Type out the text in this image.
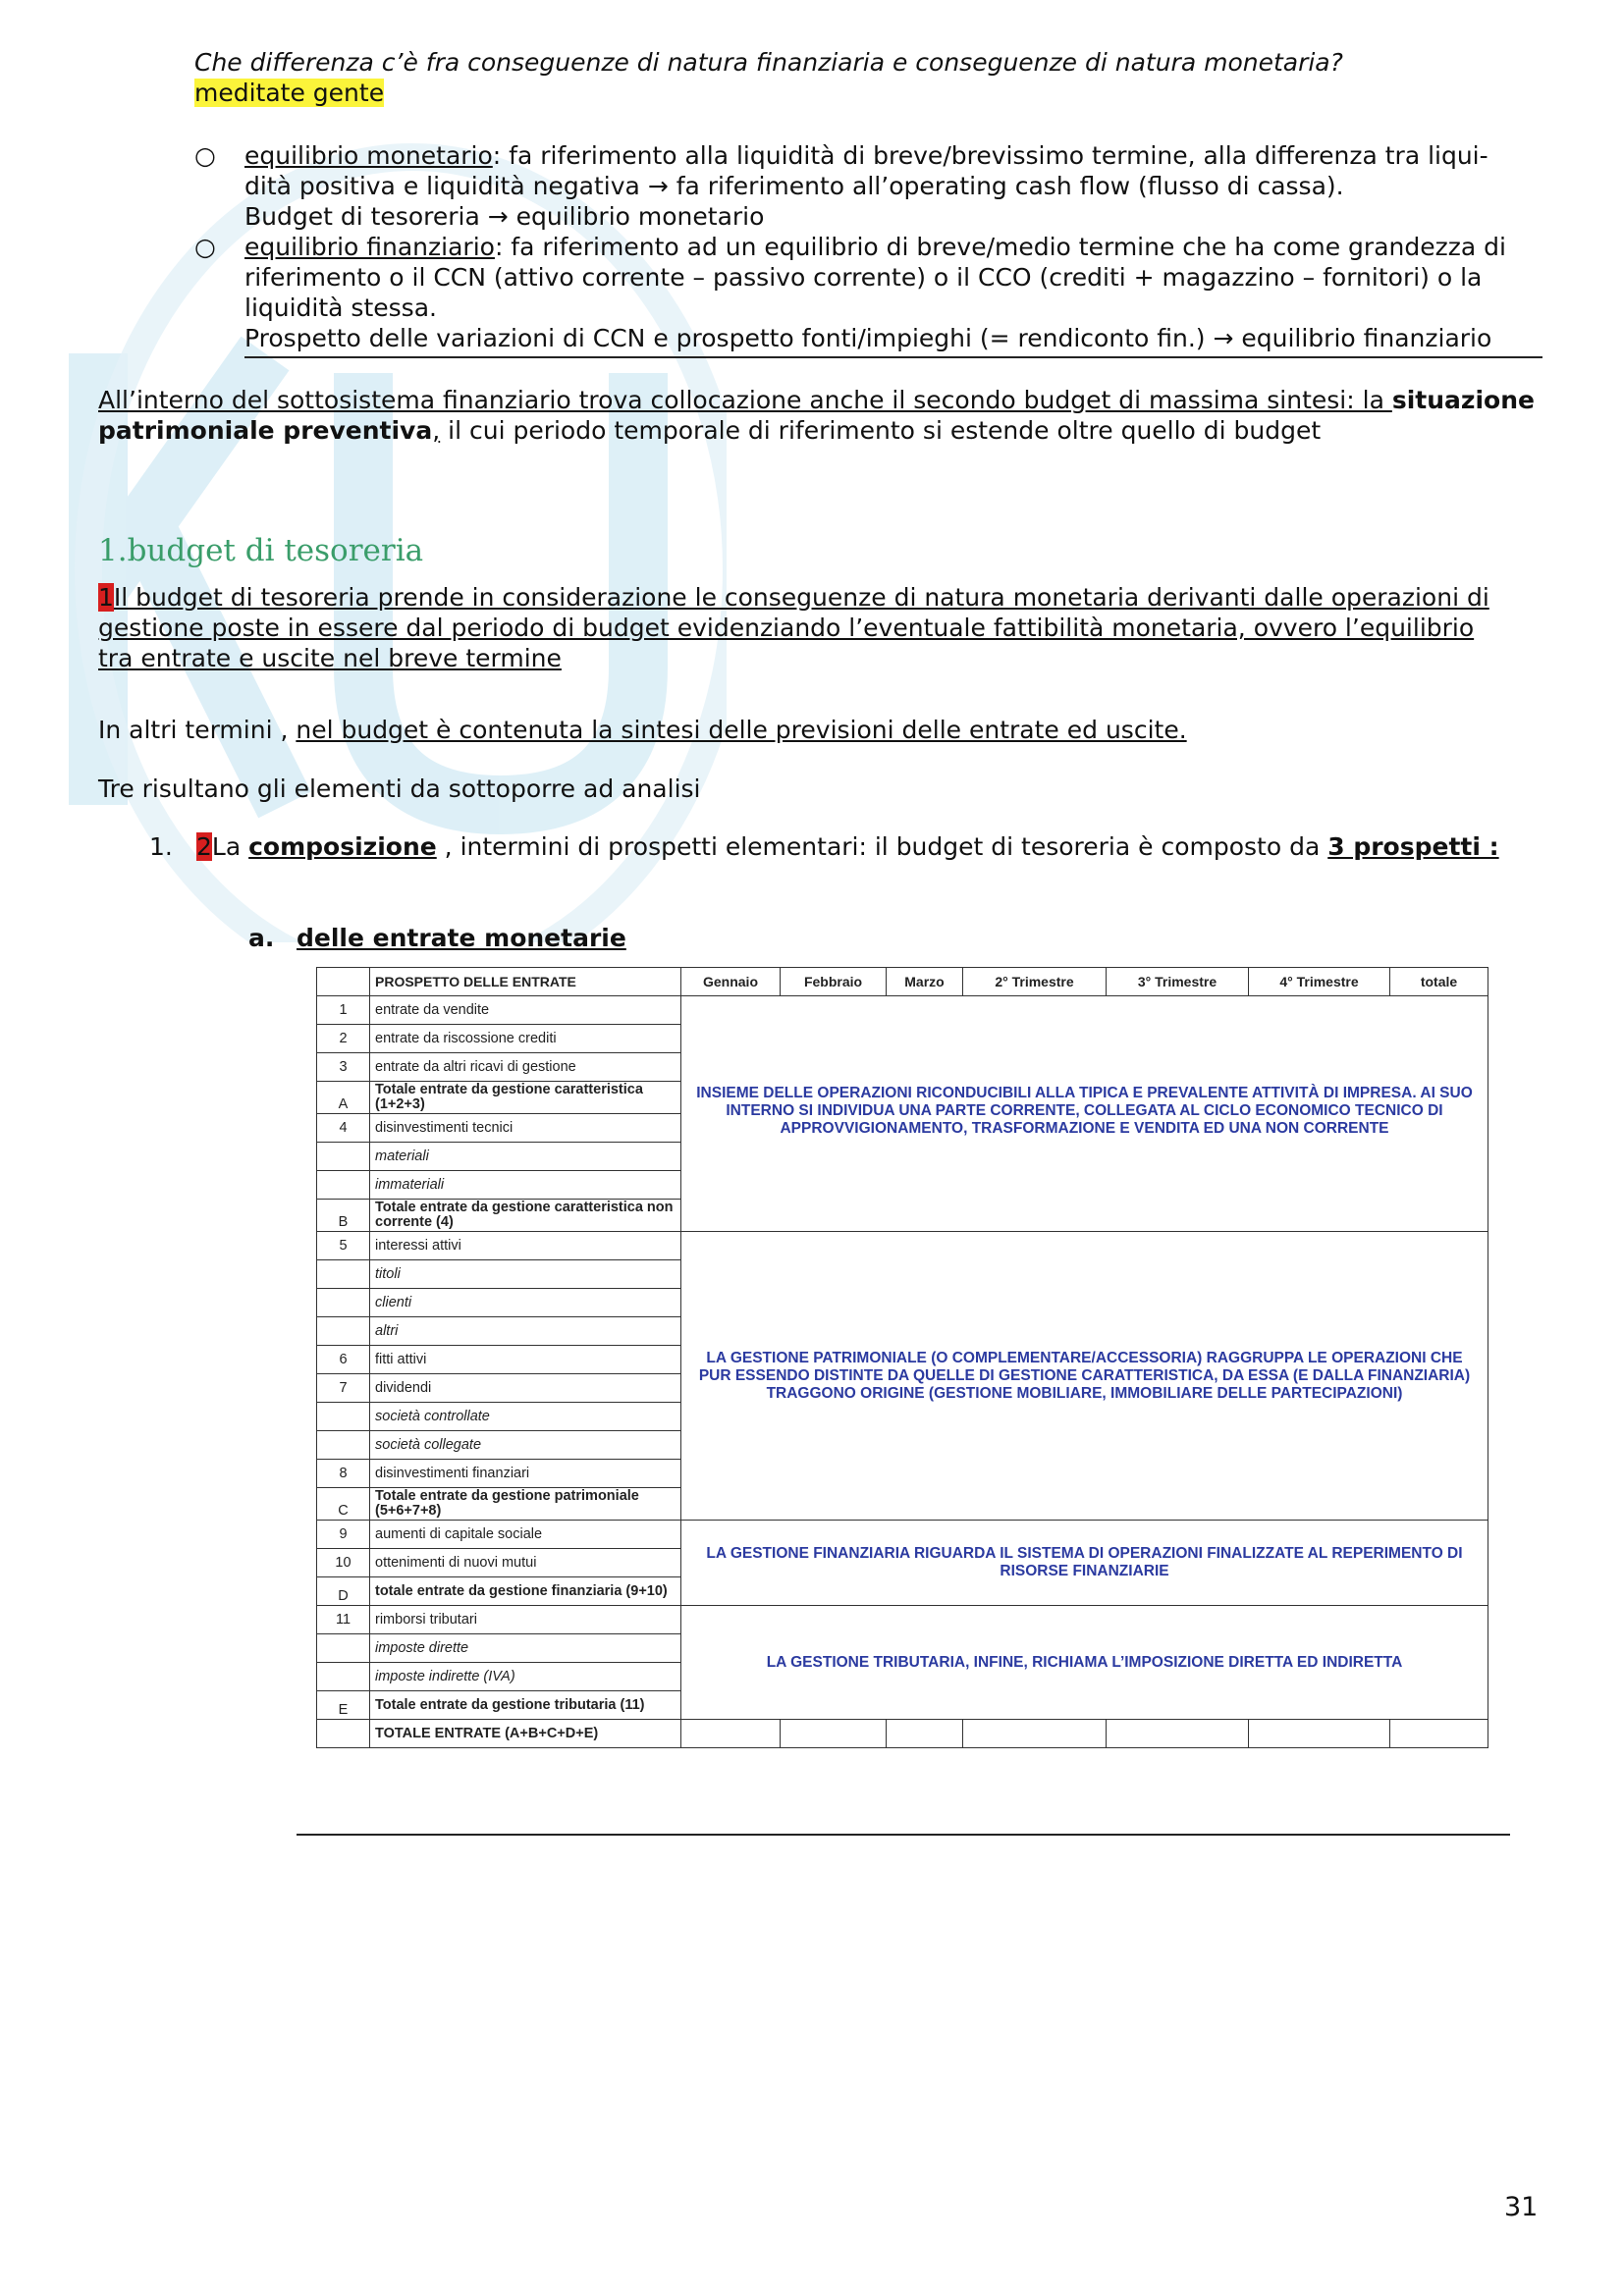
Che differenza c’è fra conseguenze di natura finanziaria e conseguenze di natura monetaria?
meditate gente
○ equilibrio monetario: fa riferimento alla liquidità di breve/brevissimo termine, alla differenza tra liqui-
dità positiva e liquidità negativa → fa riferimento all’operating cash flow (flusso di cassa).
Budget di tesoreria → equilibrio monetario
○ equilibrio finanziario: fa riferimento ad un equilibrio di breve/medio termine che ha come grandezza di
riferimento o il CCN (attivo corrente – passivo corrente) o il CCO (crediti + magazzino – fornitori) o la
liquidità stessa.
Prospetto delle variazioni di CCN e prospetto fonti/impieghi (= rendiconto fin.) → equilibrio finanziario
All’interno del sottosistema finanziario trova collocazione anche il secondo budget di massima sintesi: la situazione
patrimoniale preventiva, il cui periodo temporale di riferimento si estende oltre quello di budget
1.budget di tesoreria
1Il budget di tesoreria prende in considerazione le conseguenze di natura monetaria derivanti dalle operazioni di
gestione poste in essere dal periodo di budget evidenziando l’eventuale fattibilità monetaria, ovvero l’equilibrio
tra entrate e uscite nel breve termine
In altri termini , nel budget è contenuta la sintesi delle previsioni delle entrate ed uscite.
Tre risultano gli elementi da sottoporre ad analisi
1. 2La composizione , intermini di prospetti elementari: il budget di tesoreria è composto da 3 prospetti :
a. delle entrate monetarie
	PROSPETTO DELLE ENTRATE	Gennaio	Febbraio	Marzo	2° Trimestre	3° Trimestre	4° Trimestre	totale
1	entrate da vendite	INSIEME DELLE OPERAZIONI RICONDUCIBILI ALLA TIPICA E PREVALENTE ATTIVITÀ DI IMPRESA. AI SUO INTERNO SI INDIVIDUA UNA PARTE CORRENTE, COLLEGATA AL CICLO ECONOMICO TECNICO DI APPROVVIGIONAMENTO, TRASFORMAZIONE E VENDITA ED UNA NON CORRENTE						
2	entrate da riscossione crediti							
3	entrate da altri ricavi di gestione							
A	Totale entrate da gestione caratteristica (1+2+3)							
4	disinvestimenti tecnici							
	materiali							
	immateriali							
B	Totale entrate da gestione caratteristica non corrente (4)							
5	interessi attivi	LA GESTIONE PATRIMONIALE (O COMPLEMENTARE/ACCESSORIA) RAGGRUPPA LE OPERAZIONI CHE PUR ESSENDO DISTINTE DA QUELLE DI GESTIONE CARATTERISTICA, DA ESSA (E DALLA FINANZIARIA) TRAGGONO ORIGINE (GESTIONE MOBILIARE, IMMOBILIARE DELLE PARTECIPAZIONI)						
	titoli							
	clienti							
	altri							
6	fitti attivi							
7	dividendi							
	società controllate							
	società collegate							
8	disinvestimenti finanziari							
C	Totale entrate da gestione patrimoniale (5+6+7+8)							
9	aumenti di capitale sociale	LA GESTIONE FINANZIARIA RIGUARDA IL SISTEMA DI OPERAZIONI FINALIZZATE AL REPERIMENTO DI RISORSE FINANZIARIE						
10	ottenimenti di nuovi mutui							
D	totale entrate da gestione finanziaria (9+10)							
11	rimborsi tributari	LA GESTIONE TRIBUTARIA, INFINE, RICHIAMA L’IMPOSIZIONE DIRETTA ED INDIRETTA						
	imposte dirette							
	imposte indirette (IVA)							
E	Totale entrate da gestione tributaria (11)							
	TOTALE ENTRATE (A+B+C+D+E)							
31
